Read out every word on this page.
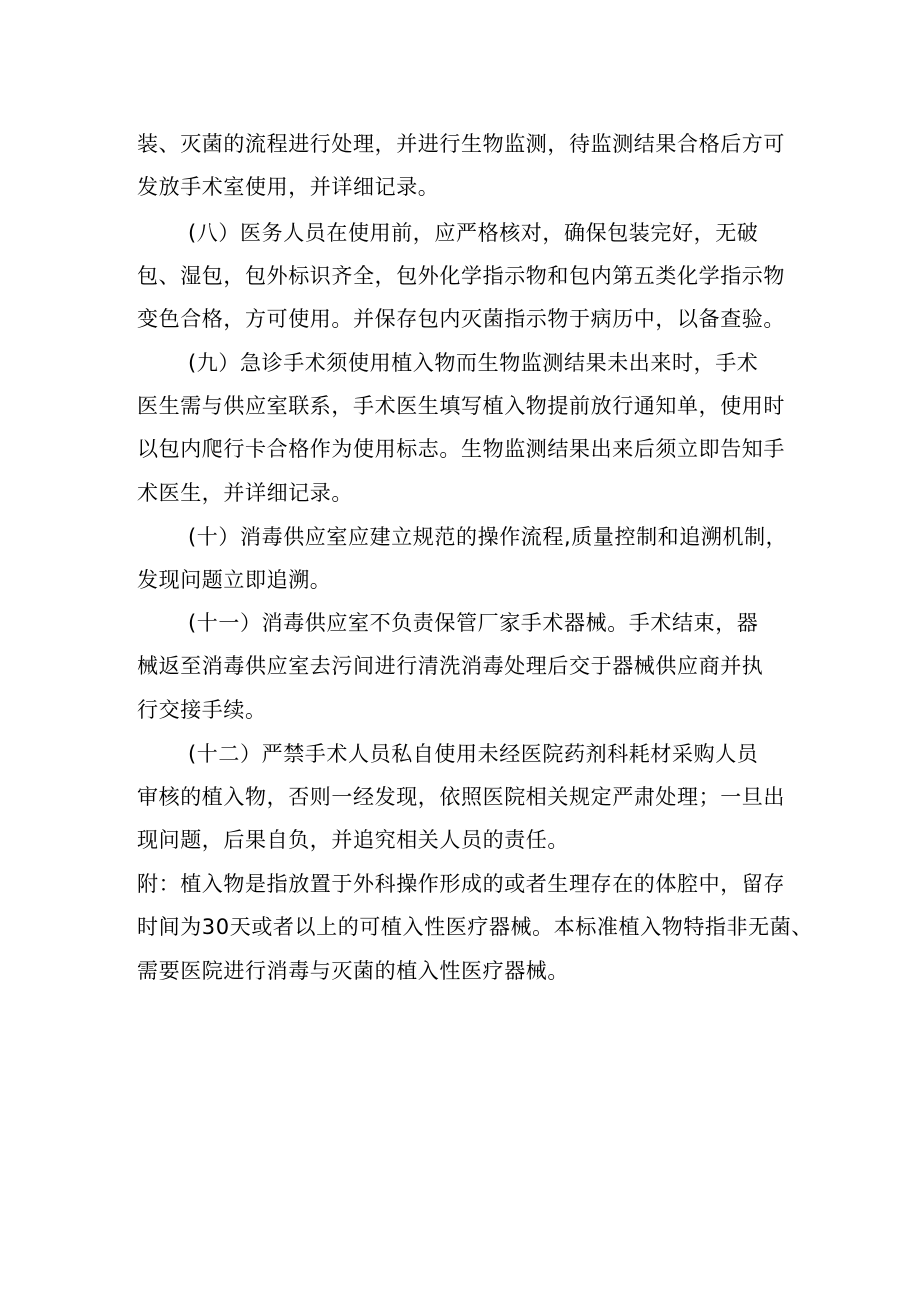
装、灭菌的流程进行处理，并进行生物监测，待监测结果合格后方可
发放手术室使用，并详细记录。
(八）医务人员在使用前，应严格核对，确保包装完好，无破
包、湿包，包外标识齐全，包外化学指示物和包内第五类化学指示物
变色合格，方可使用。并保存包内灭菌指示物于病历中，以备查验。
(九）急诊手术须使用植入物而生物监测结果未出来时，手术
医生需与供应室联系，手术医生填写植入物提前放行通知单，使用时
以包内爬行卡合格作为使用标志。生物监测结果出来后须立即告知手
术医生，并详细记录。
(十）消毒供应室应建立规范的操作流程,质量控制和追溯机制，
发现问题立即追溯。
(十一）消毒供应室不负责保管厂家手术器械。手术结束，器
械返至消毒供应室去污间进行清洗消毒处理后交于器械供应商并执
行交接手续。
(十二）严禁手术人员私自使用未经医院药剂科耗材采购人员
审核的植入物，否则一经发现，依照医院相关规定严肃处理；一旦出
现问题，后果自负，并追究相关人员的责任。
附：植入物是指放置于外科操作形成的或者生理存在的体腔中，留存
时间为30天或者以上的可植入性医疗器械。本标准植入物特指非无菌、
需要医院进行消毒与灭菌的植入性医疗器械。
